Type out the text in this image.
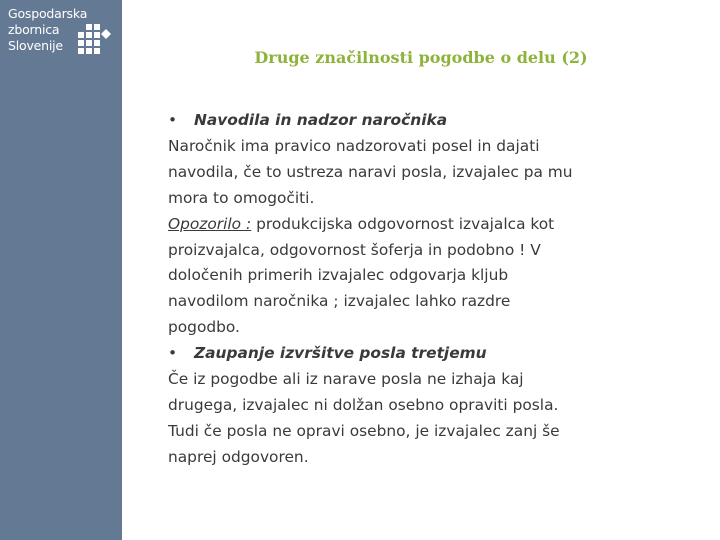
Gospodarska
zbornica
Slovenije
Druge značilnosti pogodbe o delu (2)
• Navodila in nadzor naročnika
Naročnik ima pravico nadzorovati posel in dajati
navodila, če to ustreza naravi posla, izvajalec pa mu
mora to omogočiti.
Opozorilo : produkcijska odgovornost izvajalca kot
proizvajalca, odgovornost šoferja in podobno ! V
določenih primerih izvajalec odgovarja kljub
navodilom naročnika ; izvajalec lahko razdre
pogodbo.
• Zaupanje izvršitve posla tretjemu
Če iz pogodbe ali iz narave posla ne izhaja kaj
drugega, izvajalec ni dolžan osebno opraviti posla.
Tudi če posla ne opravi osebno, je izvajalec zanj še
naprej odgovoren.
